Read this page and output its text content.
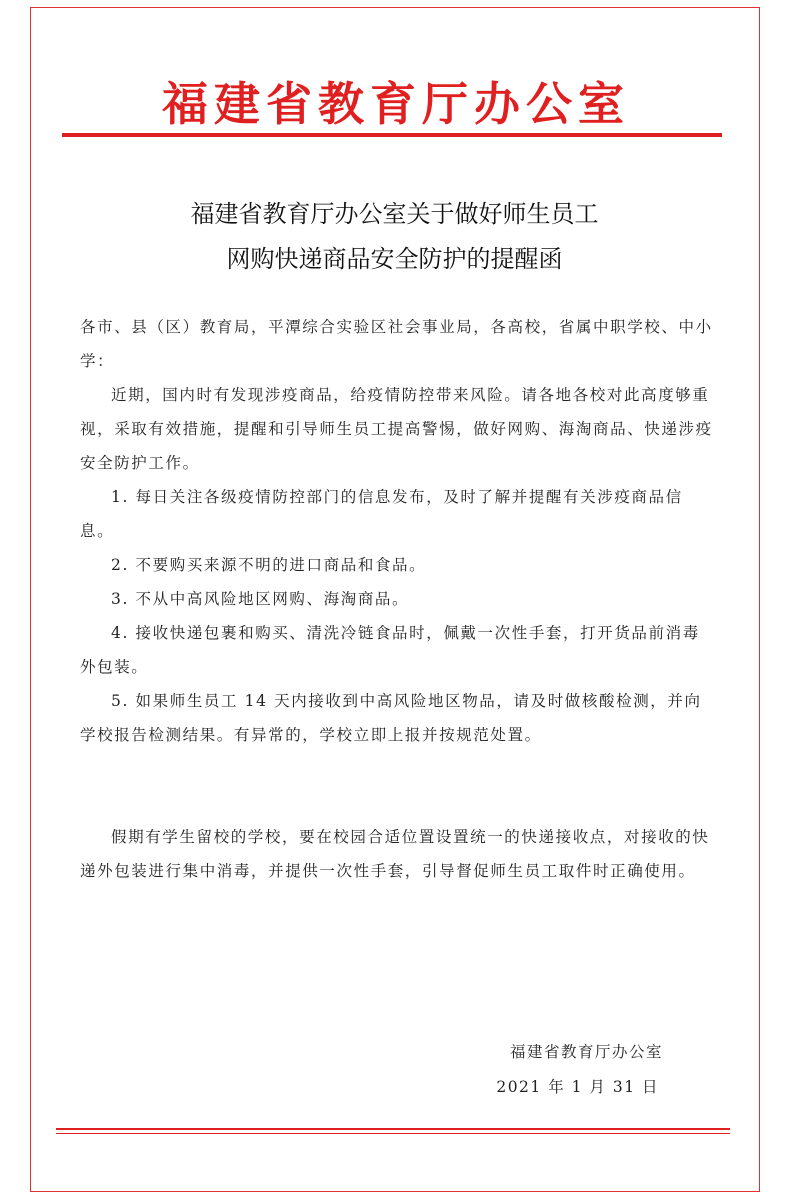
福建省教育厅办公室
福建省教育厅办公室关于做好师生员工
网购快递商品安全防护的提醒函

各市、县（区）教育局，平潭综合实验区社会事业局，各高校，省属中职学校、中小学：

近期，国内时有发现涉疫商品，给疫情防控带来风险。请各地各校对此高度够重视，采取有效措施，提醒和引导师生员工提高警惕，做好网购、海淘商品、快递涉疫安全防护工作。

1. 每日关注各级疫情防控部门的信息发布，及时了解并提醒有关涉疫商品信息。

2. 不要购买来源不明的进口商品和食品。

3. 不从中高风险地区网购、海淘商品。

4. 接收快递包裹和购买、清洗冷链食品时，佩戴一次性手套，打开货品前消毒外包装。

5. 如果师生员工 14 天内接收到中高风险地区物品，请及时做核酸检测，并向学校报告检测结果。有异常的，学校立即上报并按规范处置。

假期有学生留校的学校，要在校园合适位置设置统一的快递接收点，对接收的快递外包装进行集中消毒，并提供一次性手套，引导督促师生员工取件时正确使用。

福建省教育厅办公室
2021 年 1 月 31 日
